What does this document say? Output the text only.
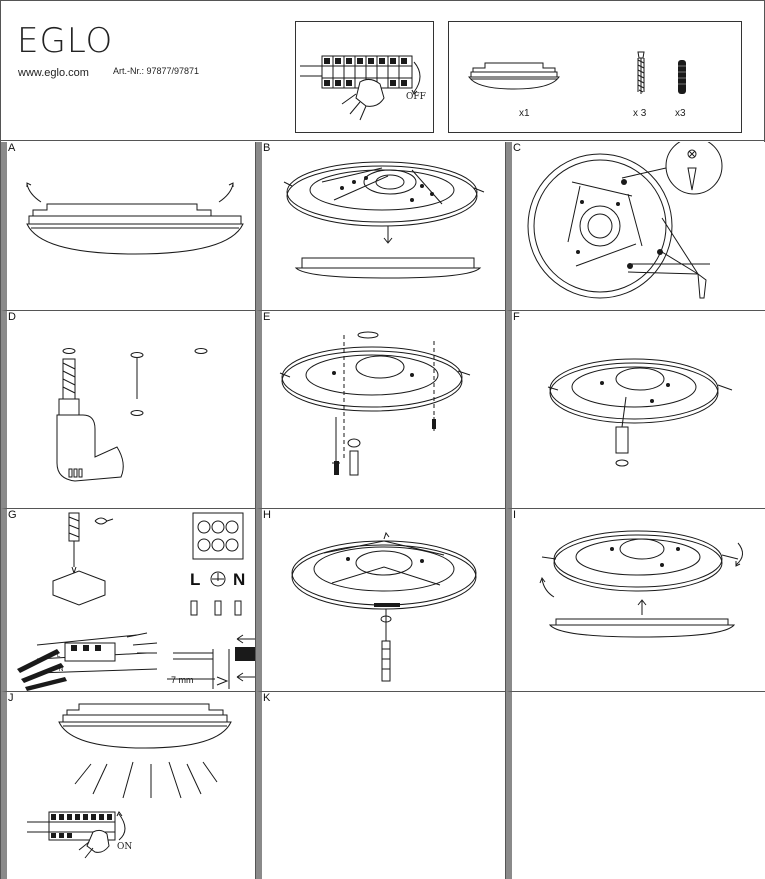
EGLO
www.eglo.com	Art.-Nr.: 97877/97871
OFF
x1	x 3	x3
A	B	C
D	E	F
G
L N
7 mm
L
N
H	I
J
ON
K
